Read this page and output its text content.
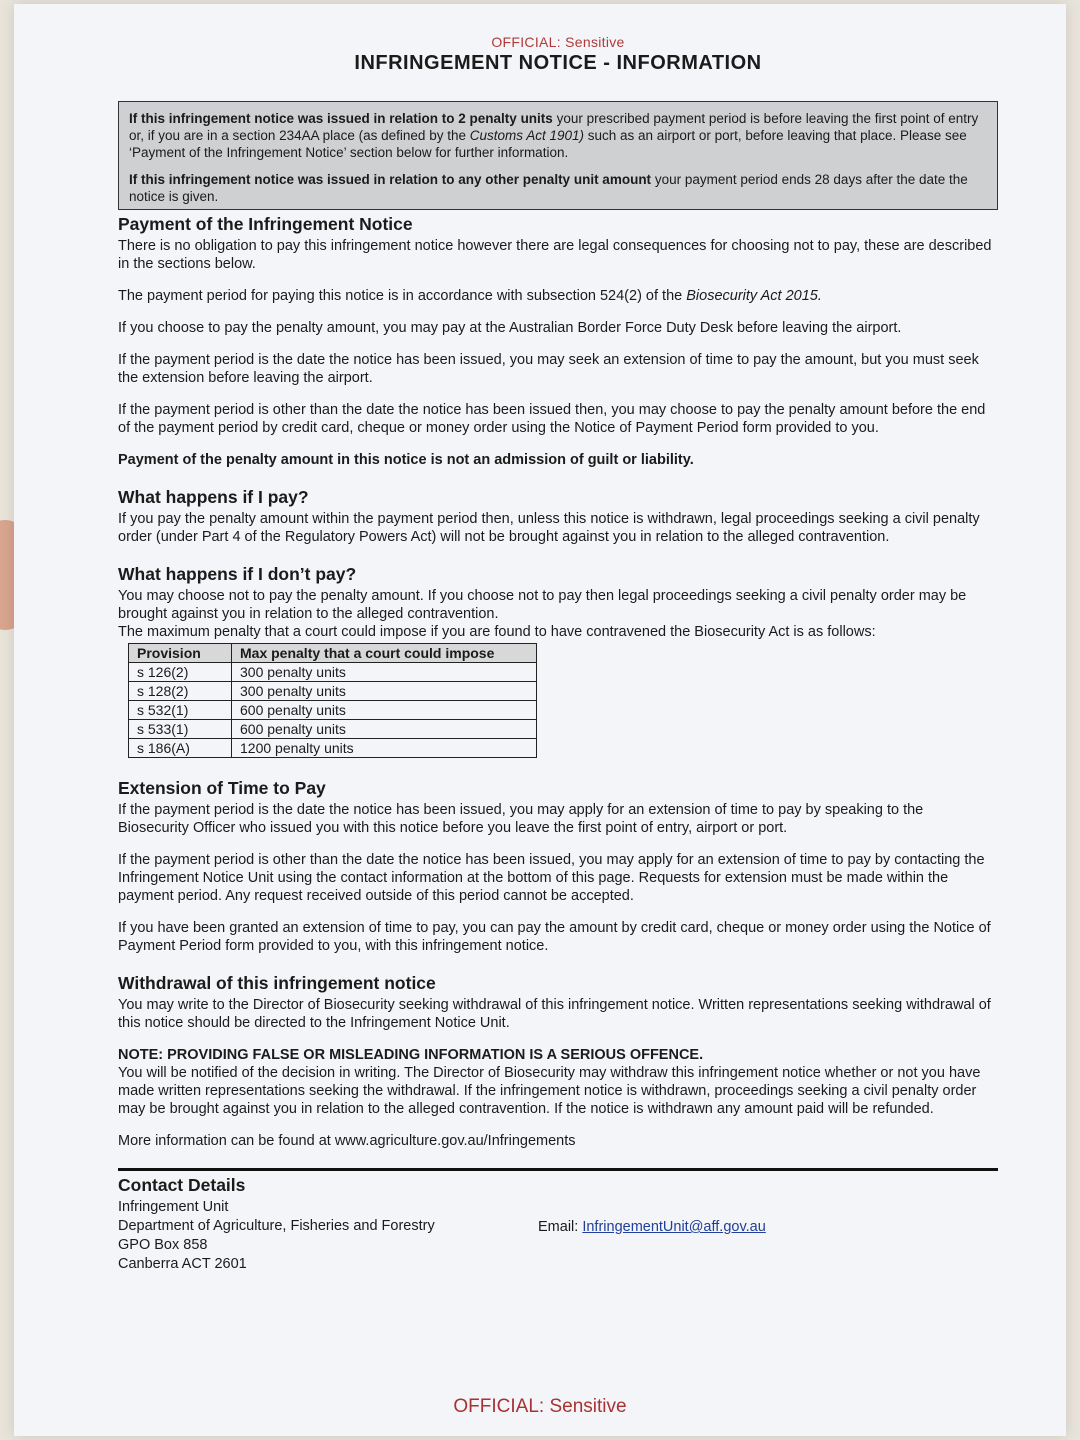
OFFICIAL: Sensitive
INFRINGEMENT NOTICE - INFORMATION

If this infringement notice was issued in relation to 2 penalty units your prescribed payment period is before leaving the first point of entry or, if you are in a section 234AA place (as defined by the Customs Act 1901) such as an airport or port, before leaving that place. Please see ‘Payment of the Infringement Notice’ section below for further information.

If this infringement notice was issued in relation to any other penalty unit amount your payment period ends 28 days after the date the notice is given.

Payment of the Infringement Notice

There is no obligation to pay this infringement notice however there are legal consequences for choosing not to pay, these are described in the sections below.

The payment period for paying this notice is in accordance with subsection 524(2) of the Biosecurity Act 2015.

If you choose to pay the penalty amount, you may pay at the Australian Border Force Duty Desk before leaving the airport.

If the payment period is the date the notice has been issued, you may seek an extension of time to pay the amount, but you must seek the extension before leaving the airport.

If the payment period is other than the date the notice has been issued then, you may choose to pay the penalty amount before the end of the payment period by credit card, cheque or money order using the Notice of Payment Period form provided to you.

Payment of the penalty amount in this notice is not an admission of guilt or liability.

What happens if I pay?

If you pay the penalty amount within the payment period then, unless this notice is withdrawn, legal proceedings seeking a civil penalty order (under Part 4 of the Regulatory Powers Act) will not be brought against you in relation to the alleged contravention.

What happens if I don’t pay?

You may choose not to pay the penalty amount. If you choose not to pay then legal proceedings seeking a civil penalty order may be brought against you in relation to the alleged contravention.

The maximum penalty that a court could impose if you are found to have contravened the Biosecurity Act is as follows:

Provision	Max penalty that a court could impose
s 126(2)	300 penalty units
s 128(2)	300 penalty units
s 532(1)	600 penalty units
s 533(1)	600 penalty units
s 186(A)	1200 penalty units
Extension of Time to Pay

If the payment period is the date the notice has been issued, you may apply for an extension of time to pay by speaking to the Biosecurity Officer who issued you with this notice before you leave the first point of entry, airport or port.

If the payment period is other than the date the notice has been issued, you may apply for an extension of time to pay by contacting the Infringement Notice Unit using the contact information at the bottom of this page. Requests for extension must be made within the payment period. Any request received outside of this period cannot be accepted.

If you have been granted an extension of time to pay, you can pay the amount by credit card, cheque or money order using the Notice of Payment Period form provided to you, with this infringement notice.

Withdrawal of this infringement notice

You may write to the Director of Biosecurity seeking withdrawal of this infringement notice. Written representations seeking withdrawal of this notice should be directed to the Infringement Notice Unit.

NOTE: PROVIDING FALSE OR MISLEADING INFORMATION IS A SERIOUS OFFENCE.

You will be notified of the decision in writing. The Director of Biosecurity may withdraw this infringement notice whether or not you have made written representations seeking the withdrawal. If the infringement notice is withdrawn, proceedings seeking a civil penalty order may be brought against you in relation to the alleged contravention. If the notice is withdrawn any amount paid will be refunded.

More information can be found at www.agriculture.gov.au/Infringements

Contact Details
Infringement Unit
Department of Agriculture, Fisheries and Forestry
GPO Box 858
Canberra ACT 2601
Email: InfringementUnit@aff.gov.au
OFFICIAL: Sensitive
